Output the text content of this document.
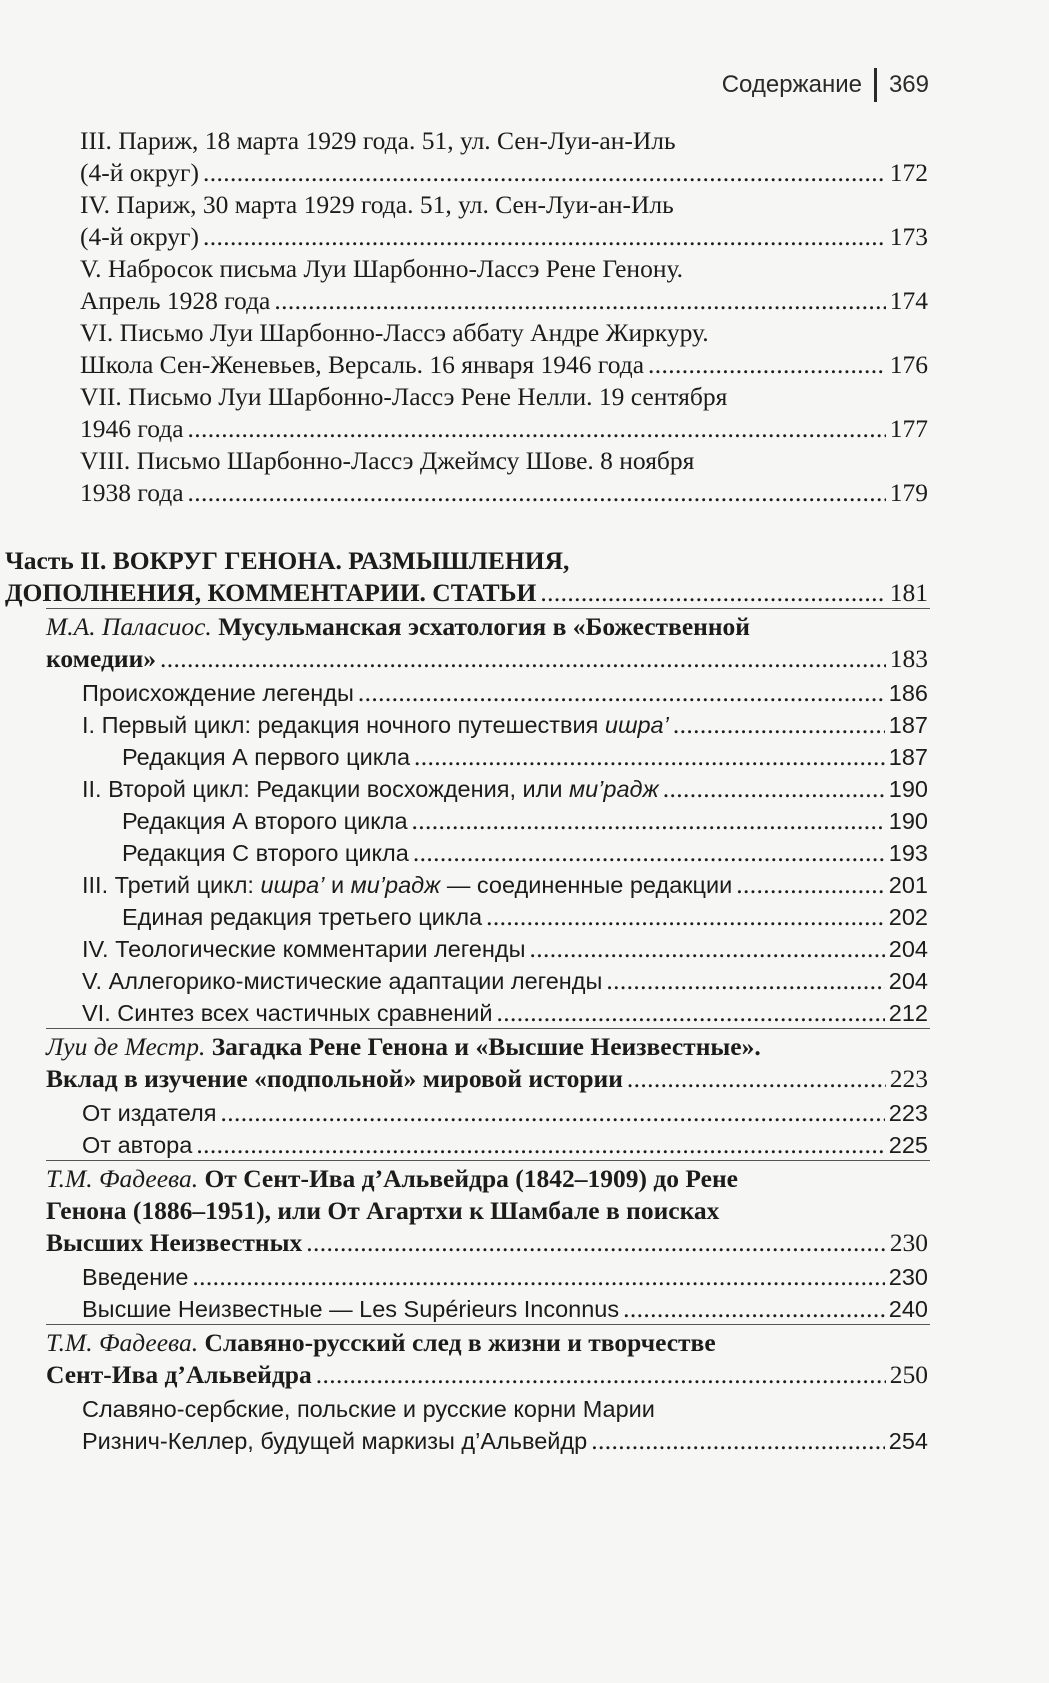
Содержание 369
III. Париж, 18 марта 1929 года. 51, ул. Сен-Луи-ан-Иль
(4-й округ)	172
. . .
IV. Париж, 30 марта 1929 года. 51, ул. Сен-Луи-ан-Иль
(4-й округ)	173
. . .
V. Набросок письма Луи Шарбонно-Лассэ Рене Генону.
Апрель 1928 года	174
. . .
VI. Письмо Луи Шарбонно-Лассэ аббату Андре Жиркуру.
Школа Сен-Женевьев, Версаль. 16 января 1946 года	176
. . .
VII. Письмо Луи Шарбонно-Лассэ Рене Нелли. 19 сентября
1946 года	177
. . .
VIII. Письмо Шарбонно-Лассэ Джеймсу Шове. 8 ноября
1938 года	179
. . .
Часть II. ВОКРУГ ГЕНОНА. РАЗМЫШЛЕНИЯ,
ДОПОЛНЕНИЯ, КОММЕНТАРИИ. СТАТЬИ	181
. . .
М.А. Паласиос. Мусульманская эсхатология в «Божественной
комедии»	183
. . .
Происхождение легенды	186
. . .
I. Первый цикл: редакция ночного путешествия ишра’	187
. . .
Редакция А первого цикла	187
. . .
II. Второй цикл: Редакции восхождения, или ми’радж	190
. . .
Редакция А второго цикла	190
. . .
Редакция С второго цикла	193
. . .
III. Третий цикл: ишра’ и ми’радж — соединенные редакции	201
. . .
Единая редакция третьего цикла	202
. . .
IV. Теологические комментарии легенды	204
. . .
V. Аллегорико-мистические адаптации легенды	204
. . .
VI. Синтез всех частичных сравнений	212
. . .
Луи де Местр. Загадка Рене Генона и «Высшие Неизвестные».
Вклад в изучение «подпольной» мировой истории	223
. . .
От издателя	223
. . .
От автора	225
. . .
Т.М. Фадеева. От Сент-Ива д’Альвейдра (1842–1909) до Рене
Генона (1886–1951), или От Агартхи к Шамбале в поисках
Высших Неизвестных	230
. . .
Введение	230
. . .
Высшие Неизвестные — Les Supérieurs Inconnus	240
. . .
Т.М. Фадеева. Славяно-русский след в жизни и творчестве
Сент-Ива д’Альвейдра	250
. . .
Славяно-сербские, польские и русские корни Марии
Ризнич-Келлер, будущей маркизы д’Альвейдр	254
. . .
